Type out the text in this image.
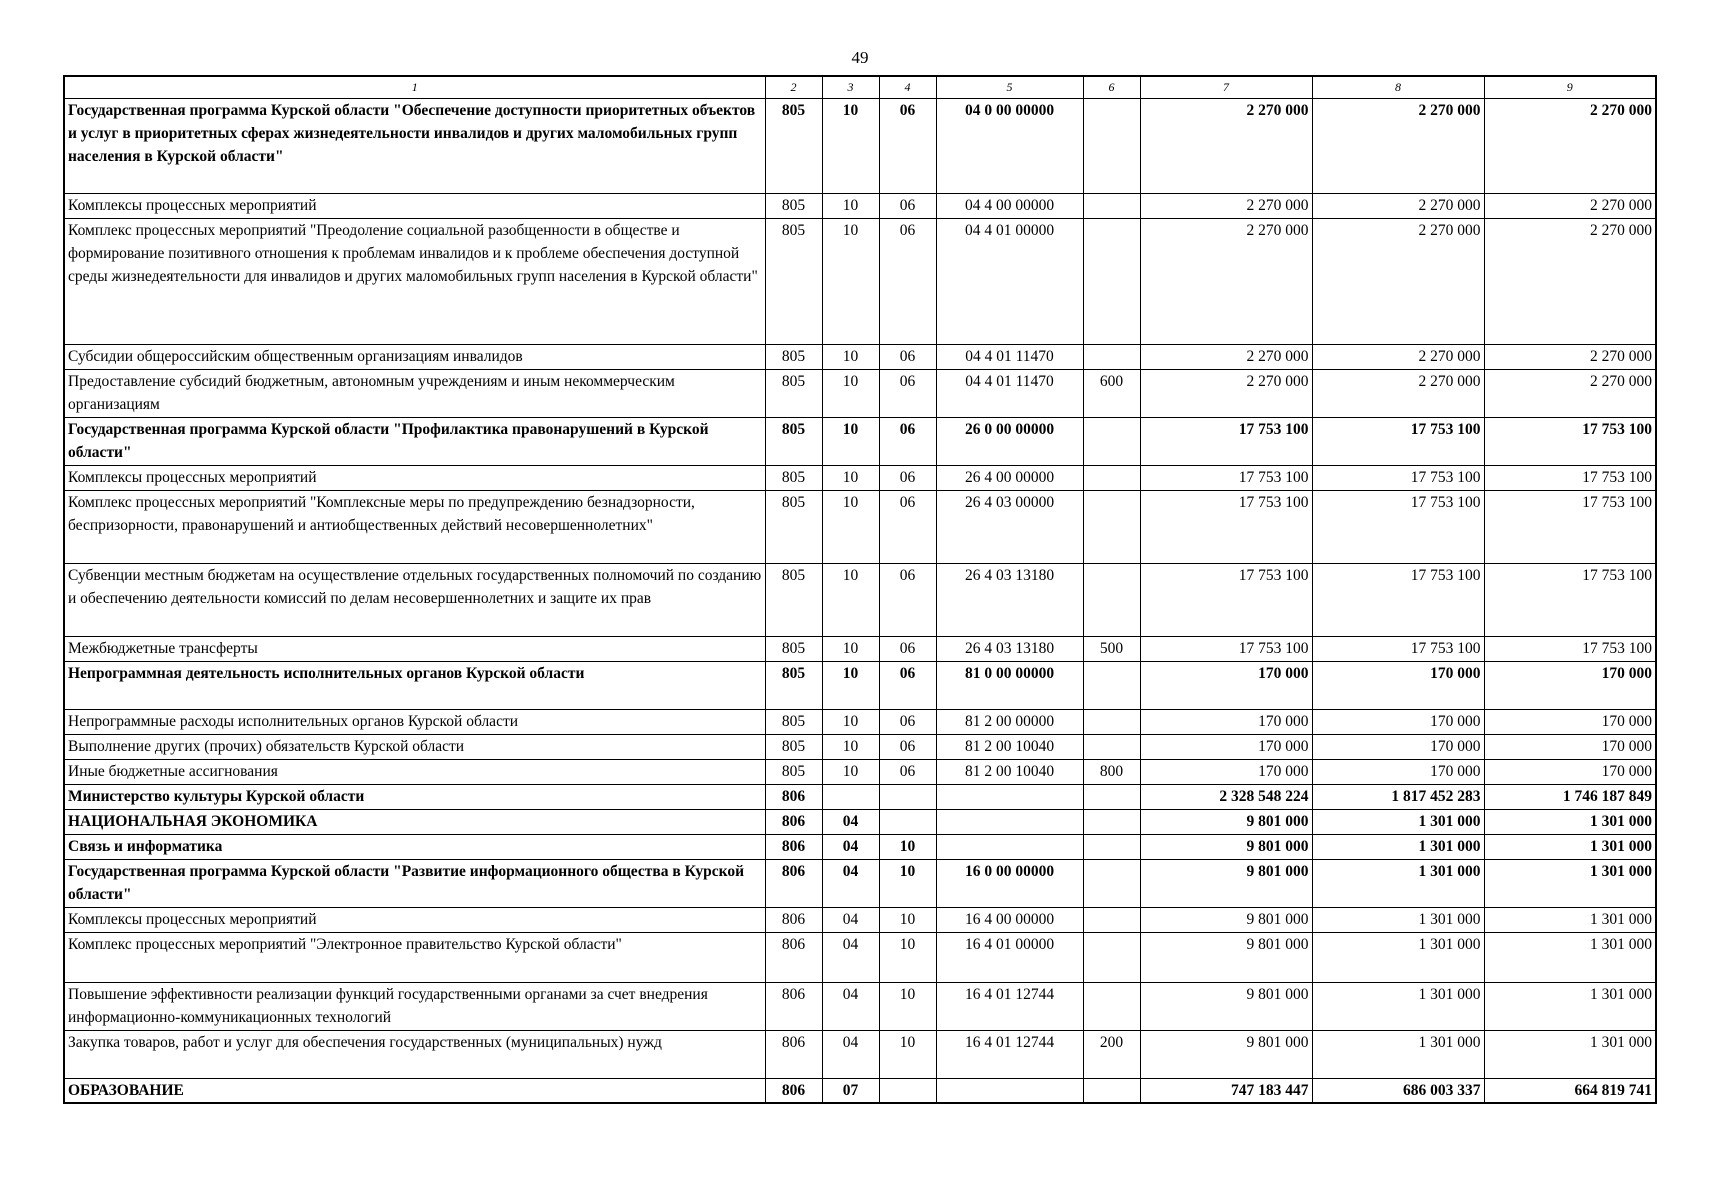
49
1	2	3	4	5	6	7	8	9
Государственная программа Курской области "Обеспечение доступности приоритетных объектов и услуг в приоритетных сферах жизнедеятельности инвалидов и других маломобильных групп населения в Курской области"	805	10	06	04 0 00 00000		2 270 000	2 270 000	2 270 000
Комплексы процессных мероприятий	805	10	06	04 4 00 00000		2 270 000	2 270 000	2 270 000
Комплекс процессных мероприятий "Преодоление социальной разобщенности в обществе и формирование позитивного отношения к проблемам инвалидов и к проблеме обеспечения доступной среды жизнедеятельности для инвалидов и других маломобильных групп населения в Курской области"	805	10	06	04 4 01 00000		2 270 000	2 270 000	2 270 000
Субсидии общероссийским общественным организациям инвалидов	805	10	06	04 4 01 11470		2 270 000	2 270 000	2 270 000
Предоставление субсидий бюджетным, автономным учреждениям и иным некоммерческим организациям	805	10	06	04 4 01 11470	600	2 270 000	2 270 000	2 270 000
Государственная программа Курской области "Профилактика правонарушений в Курской области"	805	10	06	26 0 00 00000		17 753 100	17 753 100	17 753 100
Комплексы процессных мероприятий	805	10	06	26 4 00 00000		17 753 100	17 753 100	17 753 100
Комплекс процессных мероприятий "Комплексные меры по предупреждению безнадзорности, беспризорности, правонарушений и антиобщественных действий несовершеннолетних"	805	10	06	26 4 03 00000		17 753 100	17 753 100	17 753 100
Субвенции местным бюджетам на осуществление отдельных государственных полномочий по созданию и обеспечению деятельности комиссий по делам несовершеннолетних и защите их прав	805	10	06	26 4 03 13180		17 753 100	17 753 100	17 753 100
Межбюджетные трансферты	805	10	06	26 4 03 13180	500	17 753 100	17 753 100	17 753 100
Непрограммная деятельность исполнительных органов Курской области	805	10	06	81 0 00 00000		170 000	170 000	170 000
Непрограммные расходы исполнительных органов Курской области	805	10	06	81 2 00 00000		170 000	170 000	170 000
Выполнение других (прочих) обязательств Курской области	805	10	06	81 2 00 10040		170 000	170 000	170 000
Иные бюджетные ассигнования	805	10	06	81 2 00 10040	800	170 000	170 000	170 000
Министерство культуры Курской области	806					2 328 548 224	1 817 452 283	1 746 187 849
НАЦИОНАЛЬНАЯ ЭКОНОМИКА	806	04				9 801 000	1 301 000	1 301 000
Связь и информатика	806	04	10			9 801 000	1 301 000	1 301 000
Государственная программа Курской области "Развитие информационного общества в Курской области"	806	04	10	16 0 00 00000		9 801 000	1 301 000	1 301 000
Комплексы процессных мероприятий	806	04	10	16 4 00 00000		9 801 000	1 301 000	1 301 000
Комплекс процессных мероприятий "Электронное правительство Курской области"	806	04	10	16 4 01 00000		9 801 000	1 301 000	1 301 000
Повышение эффективности реализации функций государственными органами за счет внедрения информационно-коммуникационных технологий	806	04	10	16 4 01 12744		9 801 000	1 301 000	1 301 000
Закупка товаров, работ и услуг для обеспечения государственных (муниципальных) нужд	806	04	10	16 4 01 12744	200	9 801 000	1 301 000	1 301 000
ОБРАЗОВАНИЕ	806	07				747 183 447	686 003 337	664 819 741
